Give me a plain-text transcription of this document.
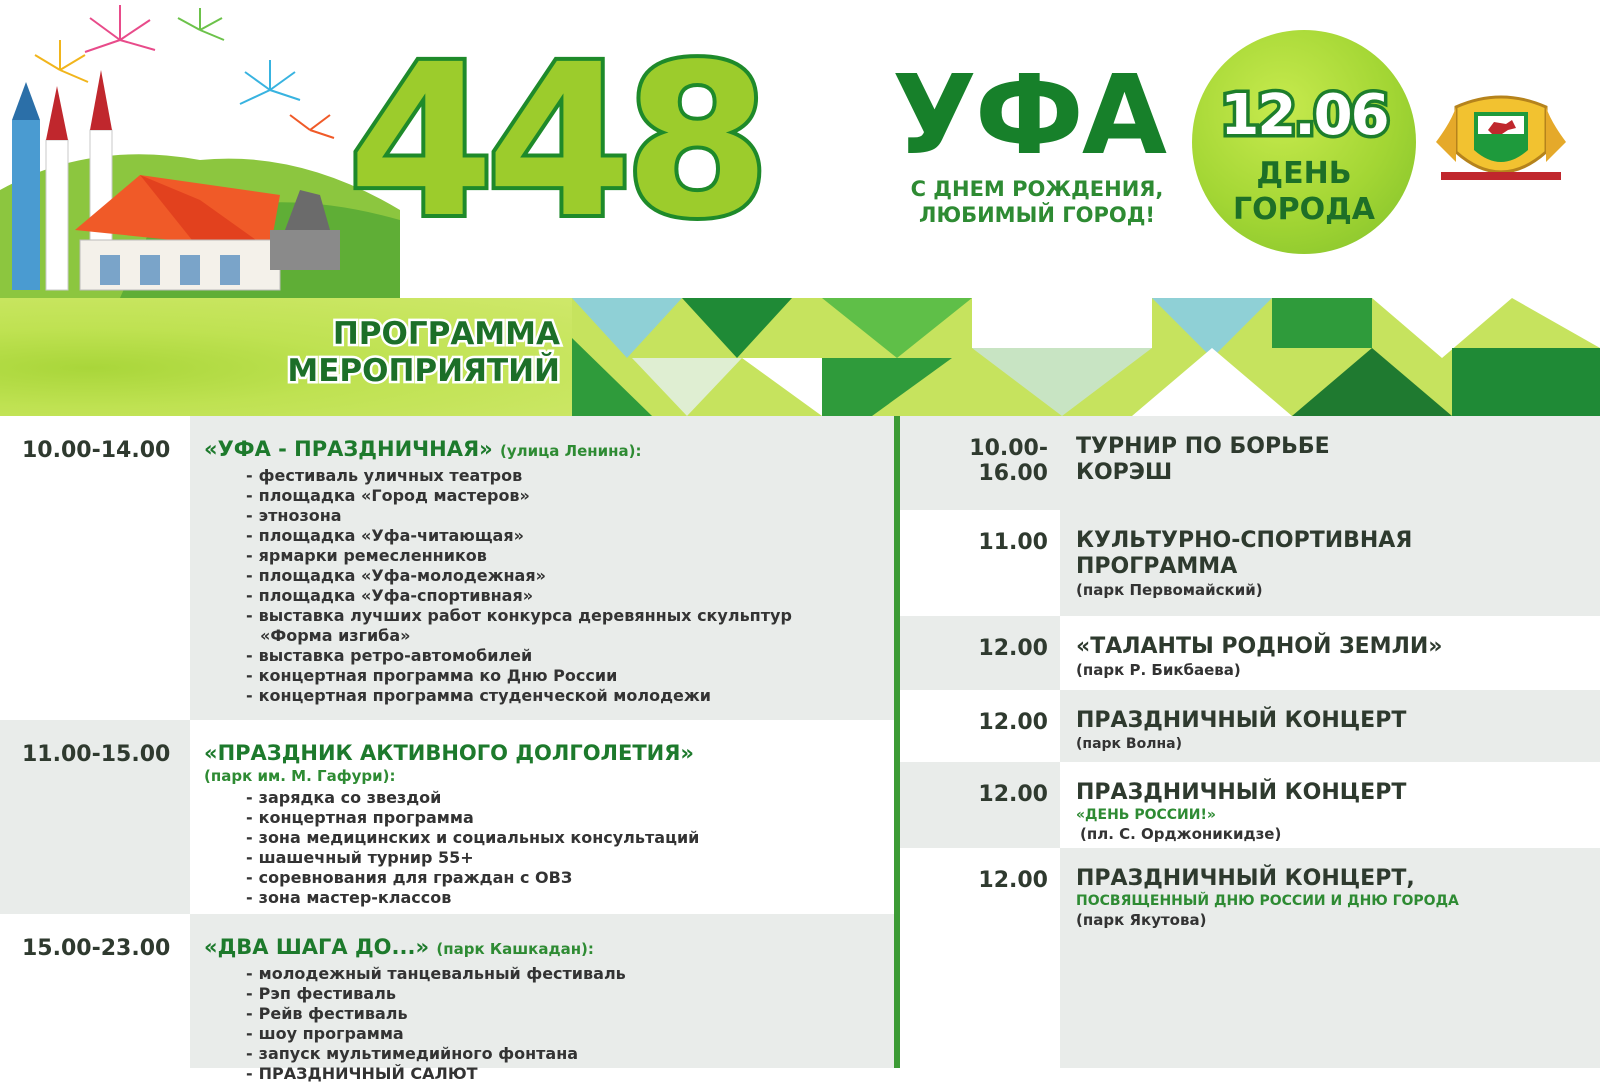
448 УФА
С ДНЕМ РОЖДЕНИЯ,
ЛЮБИМЫЙ ГОРОД!
12.06
ДЕНЬ
ГОРОДА
ПРОГРАММА
МЕРОПРИЯТИЙ
10.00-14.00	«УФА - ПРАЗДНИЧНАЯ» (улица Ленина):
- фестиваль уличных театров
- площадка «Город мастеров»
- этнозона
- площадка «Уфа-читающая»
- ярмарки ремесленников
- площадка «Уфа-молодежная»
- площадка «Уфа-спортивная»
- выставка лучших работ конкурса деревянных скульптур «Форма изгиба»
- выставка ретро-автомобилей
- концертная программа ко Дню России
- концертная программа студенческой молодежи
11.00-15.00	«ПРАЗДНИК АКТИВНОГО ДОЛГОЛЕТИЯ»
(парк им. М. Гафури):
- зарядка со звездой
- концертная программа
- зона медицинских и социальных консультаций
- шашечный турнир 55+
- соревнования для граждан с ОВЗ
- зона мастер-классов
15.00-23.00	«ДВА ШАГА ДО...» (парк Кашкадан):
- молодежный танцевальный фестиваль
- Рэп фестиваль
- Рейв фестиваль
- шоу программа
- запуск мультимедийного фонтана
- ПРАЗДНИЧНЫЙ САЛЮТ
10.00-16.00
ТУРНИР ПО БОРЬБЕ
КОРЭШ
11.00	КУЛЬТУРНО-СПОРТИВНАЯ
ПРОГРАММА
(парк Первомайский)
12.00	«ТАЛАНТЫ РОДНОЙ ЗЕМЛИ»
(парк Р. Бикбаева)
12.00	ПРАЗДНИЧНЫЙ КОНЦЕРТ
(парк Волна)
12.00	ПРАЗДНИЧНЫЙ КОНЦЕРТ
«ДЕНЬ РОССИИ!»
(пл. С. Орджоникидзе)
12.00	ПРАЗДНИЧНЫЙ КОНЦЕРТ,
ПОСВЯЩЕННЫЙ ДНЮ РОССИИ И ДНЮ ГОРОДА
(парк Якутова)
